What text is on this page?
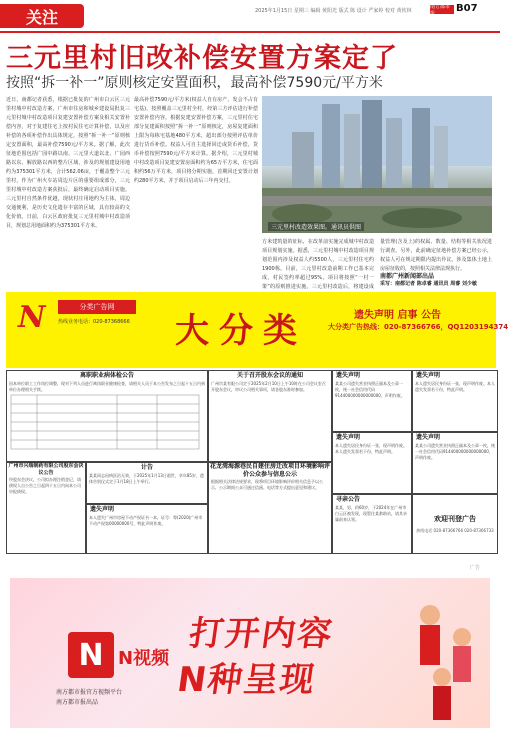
关注	2025年1月15日 星期三 编辑 黄阳光 版式 陈 设计 严家婷 校对 黄钦林
南方都市报	B07
三元里村旧改补偿安置方案定了
按照“拆一补一”原则核定安置面积，最高补偿7590元/平方米
近日，南都记者获悉，根据已批复的广州市白云区三元里村城中村改造方案，广州市住房和城乡建设局批复三元里村城中村改造项目复建安置补偿方案及相关安置补偿内容，对于复建住宅上按村民住宅计算补偿，以及应补偿的各项补偿作出具体规定，按照“拆一补一”原则核定安置面积，最高补偿7590元/平方米。据了解，此次征地范围包括广园中路以南、三元里大道以北、广园西路以东、解放路以西的整片区域，涉及的规划建设用地约为375301平方米，合计562.06亩，于覆盖整个三元里村，作为广州火车站周边片区的重要组成部分，三元里村城中村改造方案获批后，最终确定启动项目实施。三元里村自然条件优越，现状村庄用地约为主体，周边交通便利，是历史文化遗存丰富的区域，具有较高的文化价值。日前，白云区政府批复三元里村城中村改造项目，规划总用地面积约为375301平方米。
最高补偿7590元/平方米(权益人自有房产，发会不占有宅基)，按照覆盖三元里村全村，经第三方评估进行补偿安置补偿内容。根据复建安置补偿方案，三元里村住宅部分复建面积按照“拆一补一”原则核定，房屋复建面积上限为每栋宅基地480平方米，超出部分按照评估单价进行货币补偿。权益人可自主选择回迁或货币补偿，货币补偿按照7590元/平方米计算。据介绍，三元里村城中村改造项目复建安置房面积约为65万平方米，住宅面积约56万平方米，项目将分期实施，首期回迁安置计划约280平方米，并于项目启动后三年内交付。
三元里村改造效果图。通讯员供图
方米建筑量的征标，在改革前实施完成城中村改造项目规划实施。据悉，三元里村城中村改造项目规划范围内涉及权益人约5500人，三元里村住宅约1900栋。目前，三元里村改造前期工作已基本完成，村民签约率超过95%，项目将按照“一村一策”的原则推进实施。三元里村改造后，将建设成
量管理(含及上)的权属、数量、结构等相关状况进行调查。另外，此前确定征地补偿方案已经公示，权益人可在规定期限内提出异议。涉及集体土地上房屋征收的，按照相关法律法规执行。
南都广州新闻部出品
采写：南都记者 陈卓睿 通讯员 周睿 刘少敏
N	分类广告网
热线业务电话：020-87368666 大分类	遗失声明 启事 公告
大分类广告热线：020-87366766，QQ1203194374
离职职业病体检公告
因本单位职工工作岗位调整，现对下列人员进行离岗职业健康检查，请相关人员于本公告发布之日起十五日内到单位办理相关手续。
关于召开股东会议的通知
广州市某有限公司定于2025年2月10日上午10时在公司会议室召开股东会议，审议公司相关事项，请各股东准时参加。
花龙湾海源巷民自建住房迁改项目环境影响评价公众参与信息公示
根据相关法律法规要求，现将项目环境影响评价相关信息予以公示，公示期间公众可通过信函、电话等方式提出意见和建议。
广州市兴瑞制药有限公司股东会决议公告
经股东会决议，公司拟办理注销登记，请债权人自公告之日起四十五日内向本公司申报债权。
计告
某某同志因病医治无效，于2025年1月13日逝世，享年85岁，遗体告别仪式定于1月18日上午举行。
遗失声明
本人遗失广州市房屋不动产权证书一本，证号：粤(2020)广州市不动产权第00000000号，特此声明作废。
遗失声明
某某公司遗失营业执照正副本及公章一枚，统一社会信用代码914400000000000000，声明作废。
遗失声明
本人遗失居民身份证一张，现声明作废。本人遗失发票若干份，特此声明。
遗失声明
本人遗失居民身份证一张，现声明作废。本人遗失发票若干份，特此声明。
遗失声明
某某公司遗失营业执照正副本及公章一枚，统一社会信用代码914400000000000000，声明作废。
寻亲公告
某某，男，约60岁，于2024年在广州市白云区被发现，现暂住某救助站，请其亲属前来认领。	欢迎刊登广告
热线电话 020-87366766 020-87366733
广告
打开内容
N种呈现
N N视频
南方都市报官方视频平台
南方都市报出品
